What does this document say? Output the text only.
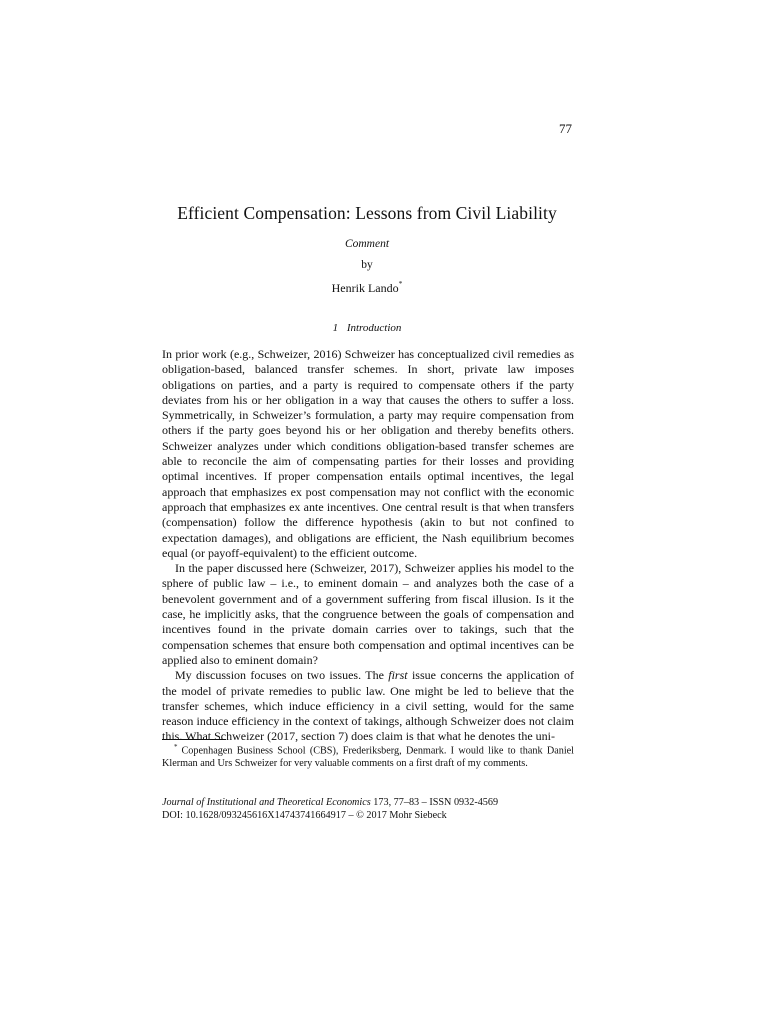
77
Efficient Compensation: Lessons from Civil Liability
Comment
by
Henrik Lando*
1 Introduction

In prior work (e.g., Schweizer, 2016) Schweizer has conceptualized civil remedies as obligation-based, balanced transfer schemes. In short, private law imposes obligations on parties, and a party is required to compensate others if the party deviates from his or her obligation in a way that causes the others to suffer a loss. Symmetrically, in Schweizer’s formulation, a party may require compensation from others if the party goes beyond his or her obligation and thereby benefits others. Schweizer analyzes under which conditions obligation-based transfer schemes are able to reconcile the aim of compensating parties for their losses and providing optimal incentives. If proper compensation entails optimal incentives, the legal approach that emphasizes ex post compensation may not conflict with the economic approach that emphasizes ex ante incentives. One central result is that when transfers (compensation) follow the difference hypothesis (akin to but not confined to expectation damages), and obligations are efficient, the Nash equilibrium becomes equal (or payoff-equivalent) to the efficient outcome.

In the paper discussed here (Schweizer, 2017), Schweizer applies his model to the sphere of public law – i.e., to eminent domain – and analyzes both the case of a benevolent government and of a government suffering from fiscal illusion. Is it the case, he implicitly asks, that the congruence between the goals of compensation and incentives found in the private domain carries over to takings, such that the compensation schemes that ensure both compensation and optimal incentives can be applied also to eminent domain?

My discussion focuses on two issues. The first issue concerns the application of the model of private remedies to public law. One might be led to believe that the transfer schemes, which induce efficiency in a civil setting, would for the same reason induce efficiency in the context of takings, although Schweizer does not claim this. What Schweizer (2017, section 7) does claim is that what he denotes the uni-

* Copenhagen Business School (CBS), Frederiksberg, Denmark. I would like to thank Daniel Klerman and Urs Schweizer for very valuable comments on a first draft of my comments.
Journal of Institutional and Theoretical Economics 173, 77–83 – ISSN 0932-4569
DOI: 10.1628/093245616X14743741664917 – © 2017 Mohr Siebeck
